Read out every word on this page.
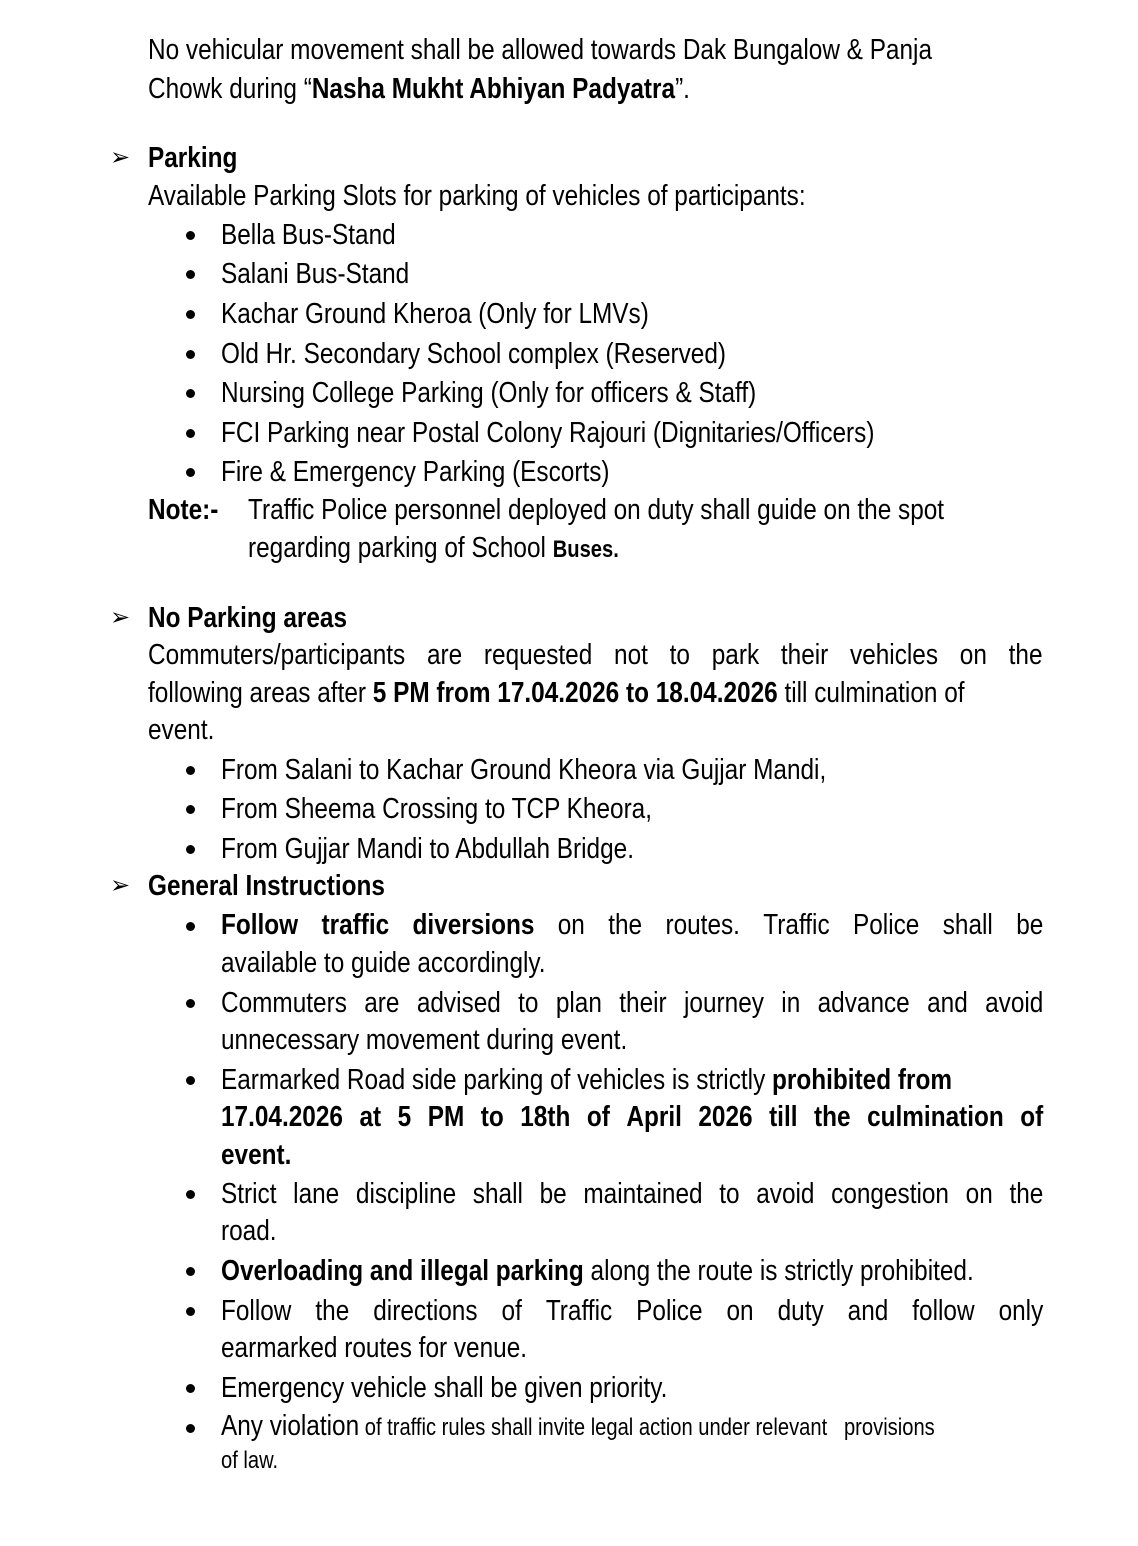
No vehicular movement shall be allowed towards Dak Bungalow & Panja
Chowk during “Nasha Mukht Abhiyan Padyatra”.
➢ Parking
Available Parking Slots for parking of vehicles of participants:
Bella Bus-Stand
Salani Bus-Stand
Kachar Ground Kheroa (Only for LMVs)
Old Hr. Secondary School complex (Reserved)
Nursing College Parking (Only for officers & Staff)
FCI Parking near Postal Colony Rajouri (Dignitaries/Officers)
Fire & Emergency Parking (Escorts)
Note:-	Traffic Police personnel deployed on duty shall guide on the spot
regarding parking of School Buses.
➢ No Parking areas
Commuters/participants are requested not to park their vehicles on the
following areas after 5 PM from 17.04.2026 to 18.04.2026 till culmination of
event.
From Salani to Kachar Ground Kheora via Gujjar Mandi,
From Sheema Crossing to TCP Kheora,
From Gujjar Mandi to Abdullah Bridge.
➢ General Instructions
Follow traffic diversions on the routes. Traffic Police shall be
available to guide accordingly.
Commuters are advised to plan their journey in advance and avoid
unnecessary movement during event.
Earmarked Road side parking of vehicles is strictly prohibited from
17.04.2026 at 5 PM to 18th of April 2026 till the culmination of
event.
Strict lane discipline shall be maintained to avoid congestion on the
road.
Overloading and illegal parking along the route is strictly prohibited.
Follow the directions of Traffic Police on duty and follow only
earmarked routes for venue.
Emergency vehicle shall be given priority.
Any violation of traffic rules shall invite legal action under relevant   provisions
of law.
